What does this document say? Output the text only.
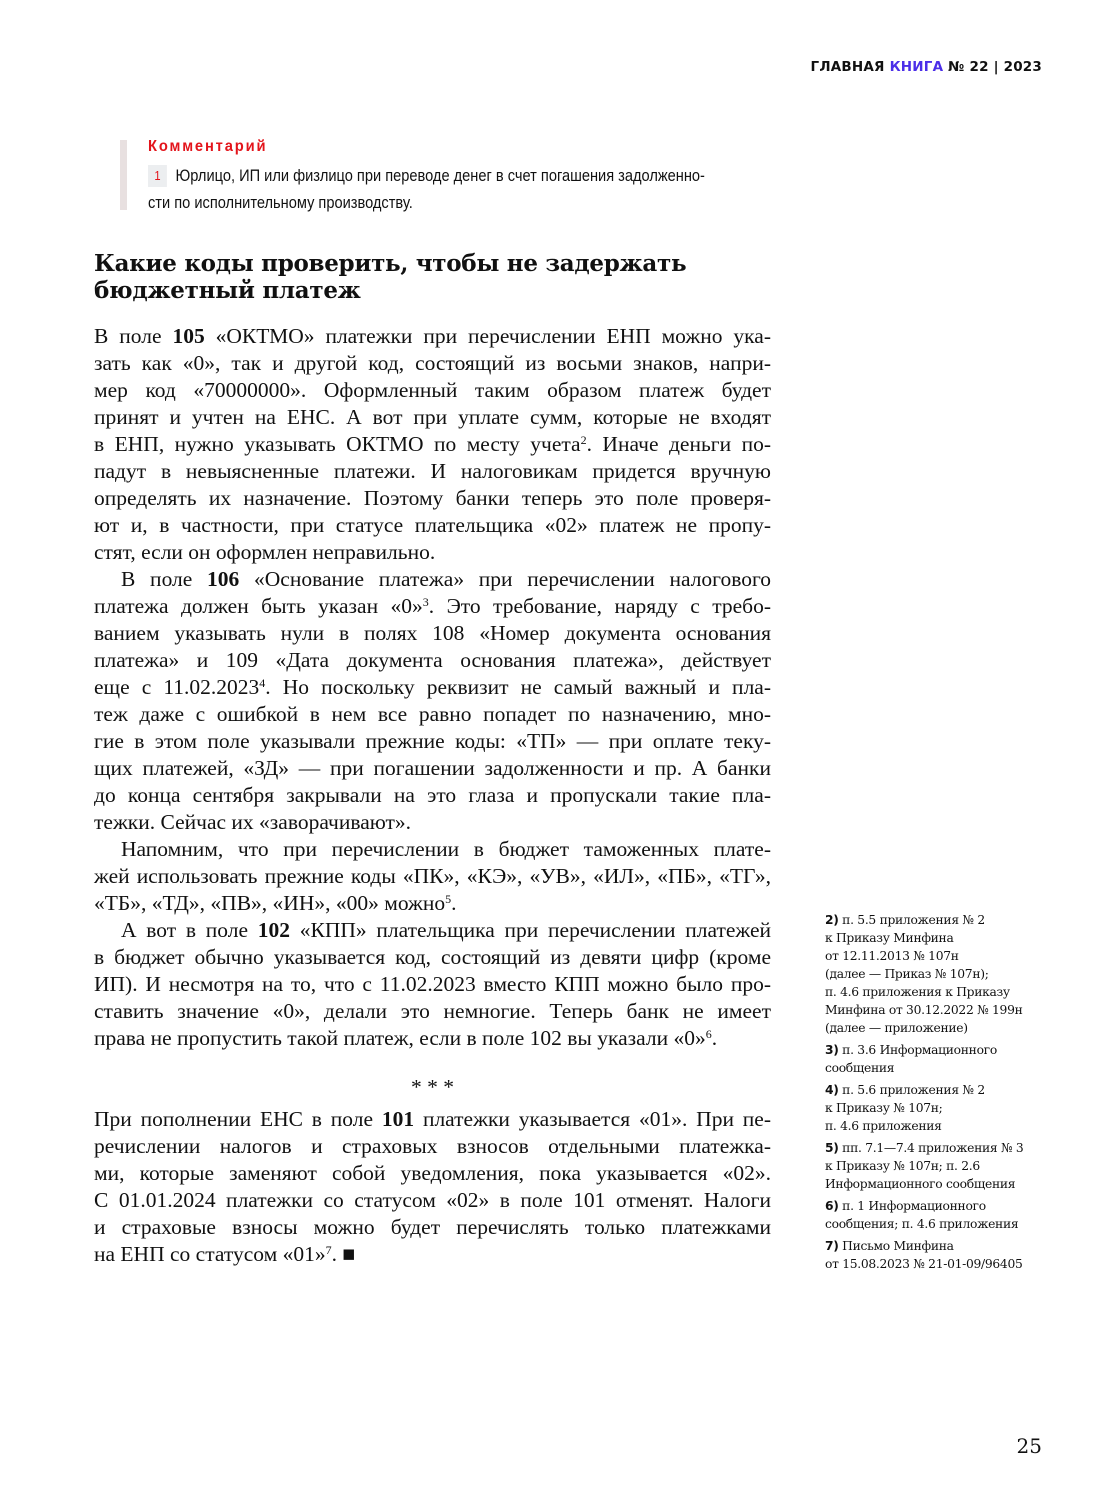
ГЛАВНАЯ КНИГА № 22 | 2023
Комментарий
1 Юрлицо, ИП или физлицо при переводе денег в счет погашения задолженно-
сти по исполнительному производству.
Какие коды проверить, чтобы не задержать
бюджетный платеж
В поле 105 «ОКТМО» платежки при перечислении ЕНП можно ука-
зать как «0», так и другой код, состоящий из восьми знаков, напри-
мер код «70000000». Оформленный таким образом платеж будет
принят и учтен на ЕНС. А вот при уплате сумм, которые не входят
в ЕНП, нужно указывать ОКТМО по месту учета$^2$. Иначе деньги по-
падут в невыясненные платежи. И налоговикам придется вручную
определять их назначение. Поэтому банки теперь это поле проверя-
ют и, в частности, при статусе плательщика «02» платеж не пропу-
стят, если он оформлен неправильно.
В поле 106 «Основание платежа» при перечислении налогового
платежа должен быть указан «0»$^3$. Это требование, наряду с требо-
ванием указывать нули в полях 108 «Номер документа основания
платежа» и 109 «Дата документа основания платежа», действует
еще с 11.02.2023$^4$. Но поскольку реквизит не самый важный и пла-
теж даже с ошибкой в нем все равно попадет по назначению, мно-
гие в этом поле указывали прежние коды: «ТП» — при оплате теку-
щих платежей, «ЗД» — при погашении задолженности и пр. А банки
до конца сентября закрывали на это глаза и пропускали такие пла-
тежки. Сейчас их «заворачивают».
Напомним, что при перечислении в бюджет таможенных плате-
жей использовать прежние коды «ПК», «КЭ», «УВ», «ИЛ», «ПБ», «ТГ»,
«ТБ», «ТД», «ПВ», «ИН», «00» можно$^5$.
А вот в поле 102 «КПП» плательщика при перечислении платежей
в бюджет обычно указывается код, состоящий из девяти цифр (кроме
ИП). И несмотря на то, что с 11.02.2023 вместо КПП можно было про-
ставить значение «0», делали это немногие. Теперь банк не имеет
права не пропустить такой платеж, если в поле 102 вы указали «0»$^6$.
* * *
При пополнении ЕНС в поле 101 платежки указывается «01». При пе-
речислении налогов и страховых взносов отдельными платежка-
ми, которые заменяют собой уведомления, пока указывается «02».
С 01.01.2024 платежки со статусом «02» в поле 101 отменят. Налоги
и страховые взносы можно будет перечислять только платежками
на ЕНП со статусом «01»$^7$. ■
2) п. 5.5 приложения № 2
к Приказу Минфина
от 12.11.2013 № 107н
(далее — Приказ № 107н);
п. 4.6 приложения к Приказу
Минфина от 30.12.2022 № 199н
(далее — приложение)
3) п. 3.6 Информационного
сообщения
4) п. 5.6 приложения № 2
к Приказу № 107н;
п. 4.6 приложения
5) пп. 7.1—7.4 приложения № 3
к Приказу № 107н; п. 2.6
Информационного сообщения
6) п. 1 Информационного
сообщения; п. 4.6 приложения
7) Письмо Минфина
от 15.08.2023 № 21-01-09/96405
25
